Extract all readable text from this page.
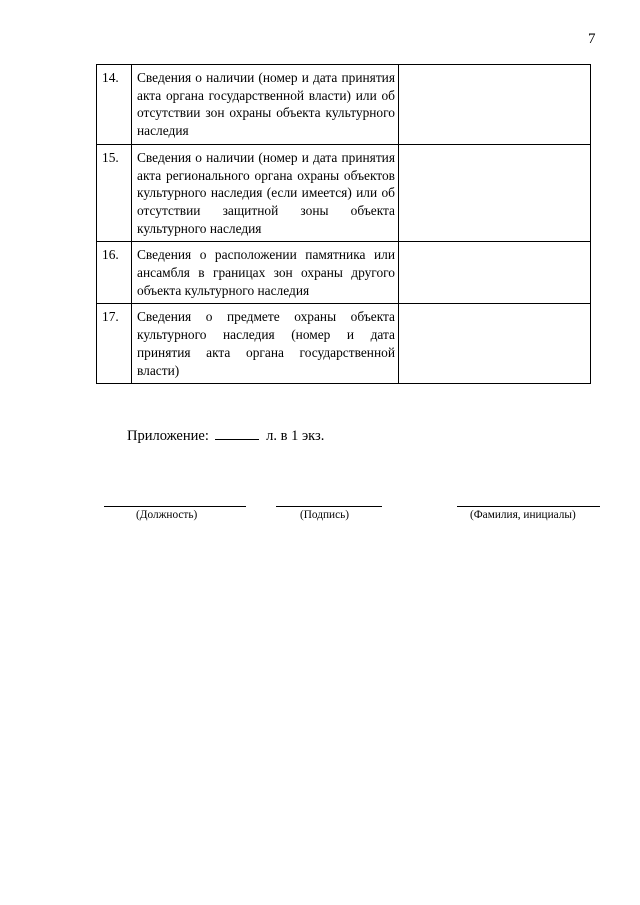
7
14.	Сведения о наличии (номер и дата принятия акта органа государственной власти) или об отсутствии зон охраны объекта культурного наследия	
15.	Сведения о наличии (номер и дата принятия акта регионального органа охраны объектов культурного наследия (если имеется) или об отсутствии защитной зоны объекта культурного наследия	
16.	Сведения о расположении памятника или ансамбля в границах зон охраны другого объекта культурного наследия	
17.	Сведения о предмете охраны объекта культурного наследия (номер и дата принятия акта органа государственной власти)	
Приложение:	л. в 1 экз.
(Должность)	(Подпись)	(Фамилия, инициалы)
